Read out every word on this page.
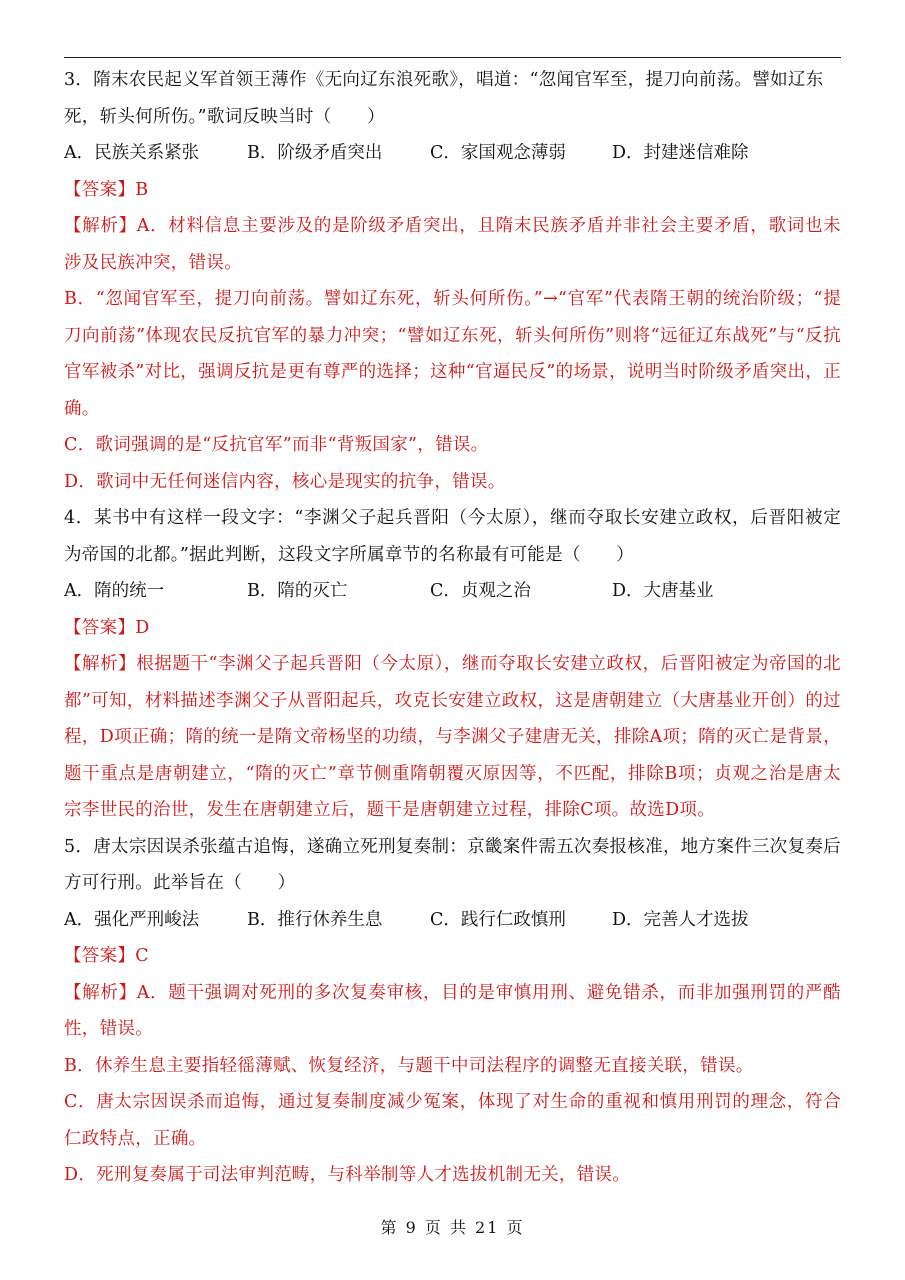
3．隋末农民起义军首领王薄作《无向辽东浪死歌》，唱道：“忽闻官军至，提刀向前荡。譬如辽东
死，斩头何所伤。”歌词反映当时（　　）
A．民族关系紧张	B．阶级矛盾突出	C．家国观念薄弱	D．封建迷信难除
【答案】B
【解析】A．材料信息主要涉及的是阶级矛盾突出，且隋末民族矛盾并非社会主要矛盾，歌词也未涉及民族冲突，错误。
B．“忽闻官军至，提刀向前荡。譬如辽东死，斩头何所伤。”→“官军”代表隋王朝的统治阶级；“提刀向前荡”体现农民反抗官军的暴力冲突；“譬如辽东死，斩头何所伤”则将“远征辽东战死”与“反抗官军被杀”对比，强调反抗是更有尊严的选择；这种“官逼民反”的场景，说明当时阶级矛盾突出，正确。
C．歌词强调的是“反抗官军”而非“背叛国家”，错误。
D．歌词中无任何迷信内容，核心是现实的抗争，错误。
4．某书中有这样一段文字：“李渊父子起兵晋阳（今太原），继而夺取长安建立政权，后晋阳被定为帝国的北都。”据此判断，这段文字所属章节的名称最有可能是（　　）
A．隋的统一	B．隋的灭亡	C．贞观之治	D．大唐基业
【答案】D
【解析】根据题干“李渊父子起兵晋阳（今太原），继而夺取长安建立政权，后晋阳被定为帝国的北都”可知，材料描述李渊父子从晋阳起兵，攻克长安建立政权，这是唐朝建立（大唐基业开创）的过程，D项正确；隋的统一是隋文帝杨坚的功绩，与李渊父子建唐无关，排除A项；隋的灭亡是背景，题干重点是唐朝建立，“隋的灭亡”章节侧重隋朝覆灭原因等，不匹配，排除B项；贞观之治是唐太宗李世民的治世，发生在唐朝建立后，题干是唐朝建立过程，排除C项。故选D项。
5．唐太宗因误杀张蕴古追悔，遂确立死刑复奏制：京畿案件需五次奏报核准，地方案件三次复奏后方可行刑。此举旨在（　　）
A．强化严刑峻法	B．推行休养生息	C．践行仁政慎刑	D．完善人才选拔
【答案】C
【解析】A．题干强调对死刑的多次复奏审核，目的是审慎用刑、避免错杀，而非加强刑罚的严酷性，错误。
B．休养生息主要指轻徭薄赋、恢复经济，与题干中司法程序的调整无直接关联，错误。
C．唐太宗因误杀而追悔，通过复奏制度减少冤案，体现了对生命的重视和慎用刑罚的理念，符合仁政特点，正确。
D．死刑复奏属于司法审判范畴，与科举制等人才选拔机制无关，错误。
第 9 页 共 21 页
